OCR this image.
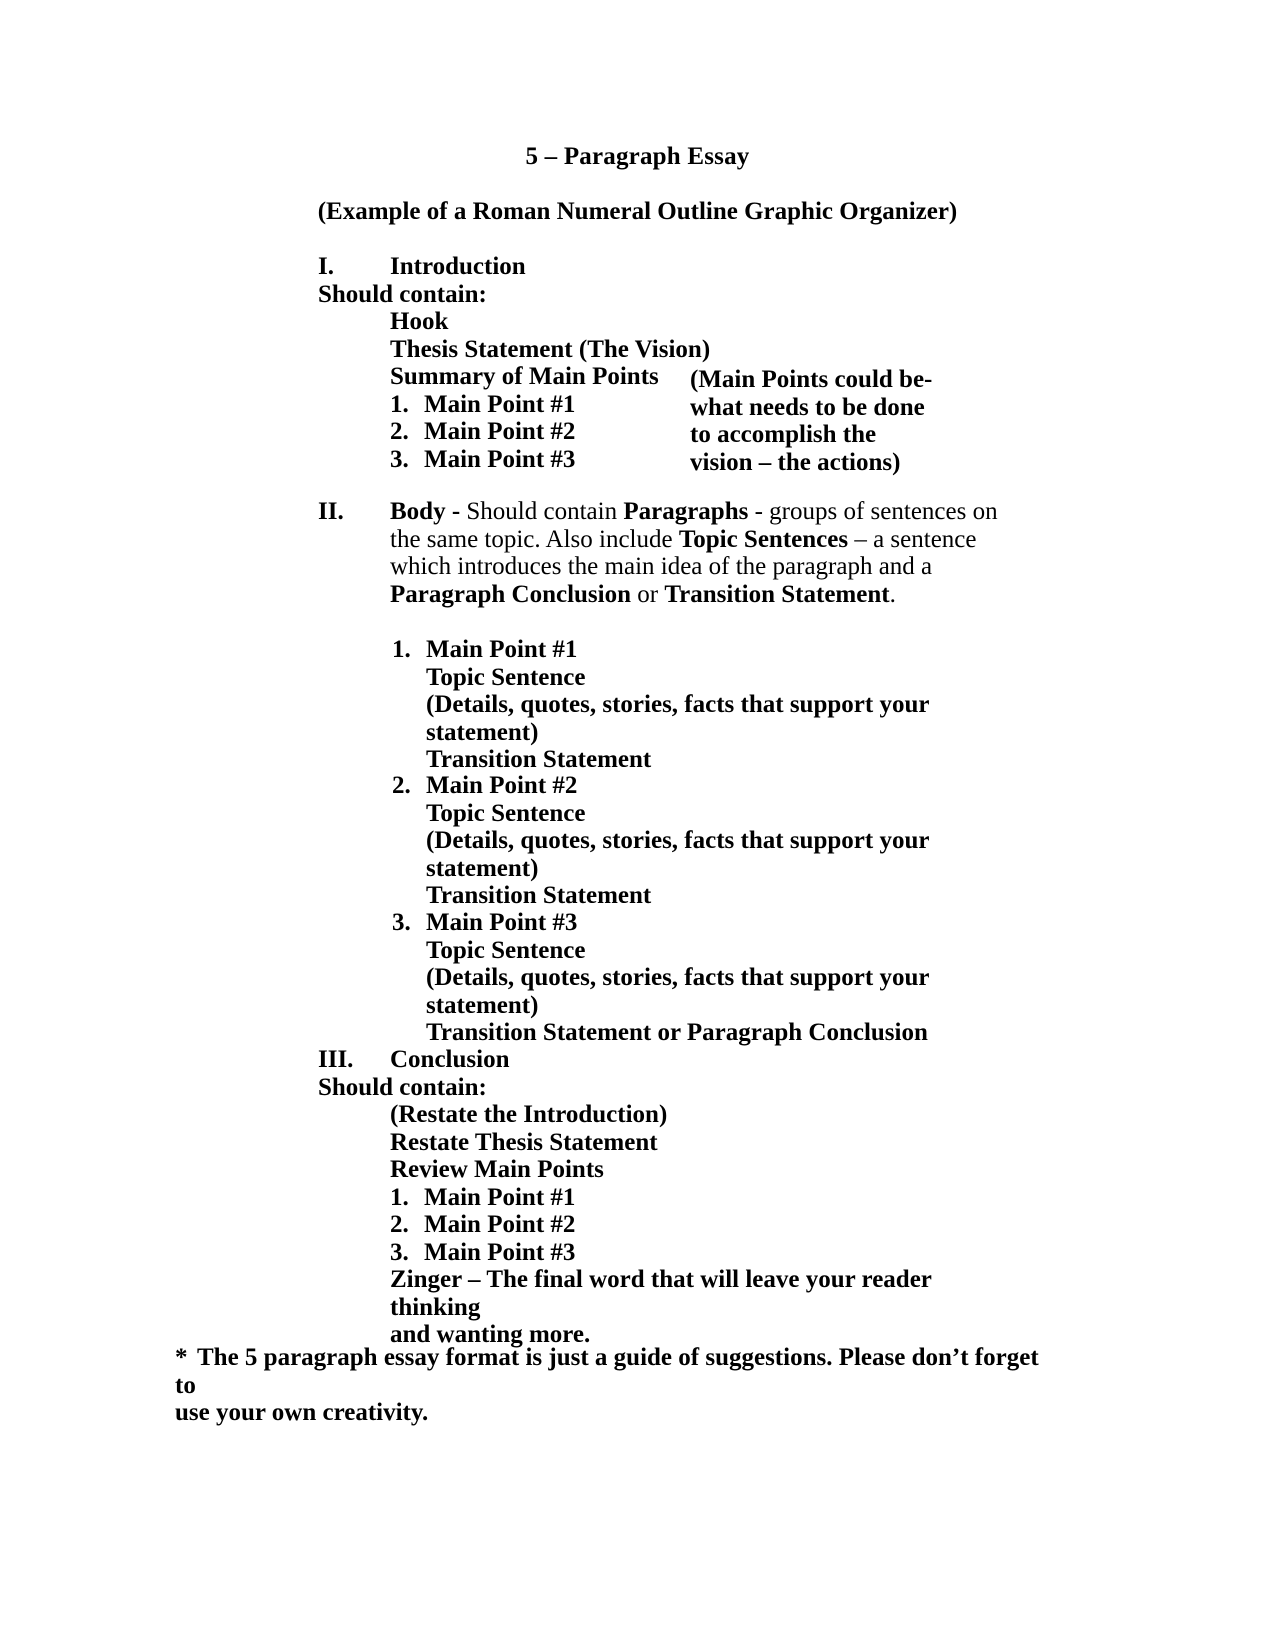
5 – Paragraph Essay
(Example of a Roman Numeral Outline Graphic Organizer)
I.	Introduction
Should contain:
Hook
Thesis Statement (The Vision)
Summary of Main Points
1. Main Point #1
2. Main Point #2
3. Main Point #3
(Main Points could be-
what needs to be done
to accomplish the
vision – the actions)
II.	Body - Should contain Paragraphs - groups of sentences on the same topic. Also include Topic Sentences – a sentence which introduces the main idea of the paragraph and a Paragraph Conclusion or Transition Statement.
1. Main Point #1
Topic Sentence
(Details, quotes, stories, facts that support your statement)
Transition Statement
2. Main Point #2
Topic Sentence
(Details, quotes, stories, facts that support your statement)
Transition Statement
3. Main Point #3
Topic Sentence
(Details, quotes, stories, facts that support your statement)
Transition Statement or Paragraph Conclusion
III.	Conclusion
Should contain:
(Restate the Introduction)
Restate Thesis Statement
Review Main Points
1. Main Point #1
2. Main Point #2
3. Main Point #3
Zinger – The final word that will leave your reader thinking
and wanting more.
* The 5 paragraph essay format is just a guide of suggestions. Please don’t forget to
use your own creativity.
